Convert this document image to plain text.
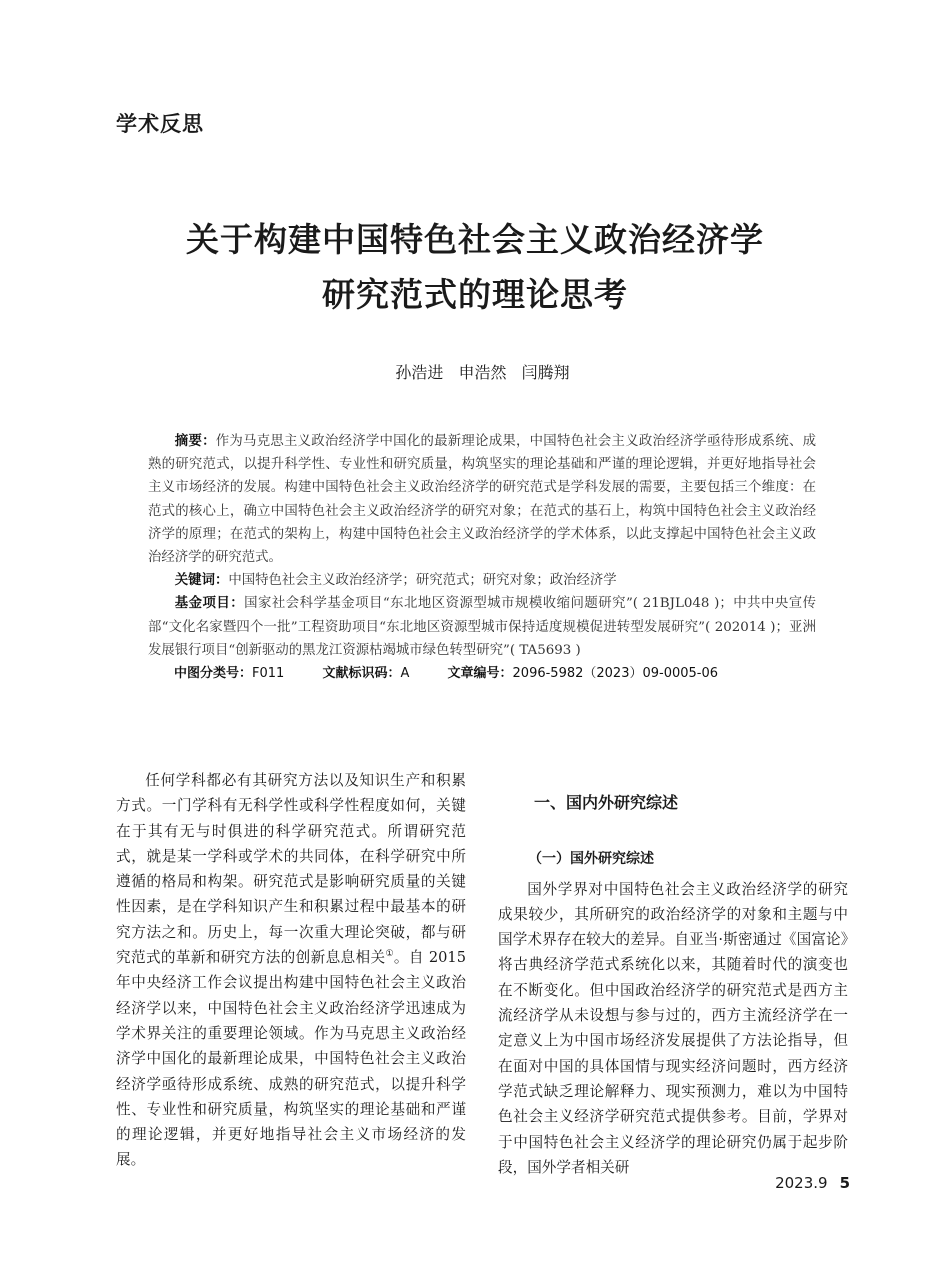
学术反思
关于构建中国特色社会主义政治经济学
研究范式的理论思考
孙浩进 申浩然 闫腾翔

摘要：作为马克思主义政治经济学中国化的最新理论成果，中国特色社会主义政治经济学亟待形成系统、成熟的研究范式，以提升科学性、专业性和研究质量，构筑坚实的理论基础和严谨的理论逻辑，并更好地指导社会主义市场经济的发展。构建中国特色社会主义政治经济学的研究范式是学科发展的需要，主要包括三个维度：在范式的核心上，确立中国特色社会主义政治经济学的研究对象；在范式的基石上，构筑中国特色社会主义政治经济学的原理；在范式的架构上，构建中国特色社会主义政治经济学的学术体系，以此支撑起中国特色社会主义政治经济学的研究范式。

关键词：中国特色社会主义政治经济学；研究范式；研究对象；政治经济学

基金项目：国家社会科学基金项目“东北地区资源型城市规模收缩问题研究”( 21BJL048 )；中共中央宣传部“文化名家暨四个一批”工程资助项目“东北地区资源型城市保持适度规模促进转型发展研究”( 202014 )；亚洲发展银行项目“创新驱动的黑龙江资源枯竭城市绿色转型研究”( TA5693 )

中图分类号：F011	文献标识码：A	文章编号：2096-5982（2023）09-0005-06

任何学科都必有其研究方法以及知识生产和积累方式。一门学科有无科学性或科学性程度如何，关键在于其有无与时俱进的科学研究范式。所谓研究范式，就是某一学科或学术的共同体，在科学研究中所遵循的格局和构架。研究范式是影响研究质量的关键性因素，是在学科知识产生和积累过程中最基本的研究方法之和。历史上，每一次重大理论突破，都与研究范式的革新和研究方法的创新息息相关①。自 2015 年中央经济工作会议提出构建中国特色社会主义政治经济学以来，中国特色社会主义政治经济学迅速成为学术界关注的重要理论领域。作为马克思主义政治经济学中国化的最新理论成果，中国特色社会主义政治经济学亟待形成系统、成熟的研究范式，以提升科学性、专业性和研究质量，构筑坚实的理论基础和严谨的理论逻辑，并更好地指导社会主义市场经济的发展。

一、国内外研究综述
（一）国外研究综述

国外学界对中国特色社会主义政治经济学的研究成果较少，其所研究的政治经济学的对象和主题与中国学术界存在较大的差异。自亚当·斯密通过《国富论》将古典经济学范式系统化以来，其随着时代的演变也在不断变化。但中国政治经济学的研究范式是西方主流经济学从未设想与参与过的，西方主流经济学在一定意义上为中国市场经济发展提供了方法论指导，但在面对中国的具体国情与现实经济问题时，西方经济学范式缺乏理论解释力、现实预测力，难以为中国特色社会主义经济学研究范式提供参考。目前，学界对于中国特色社会主义经济学的理论研究仍属于起步阶段，国外学者相关研

2023.9 5
